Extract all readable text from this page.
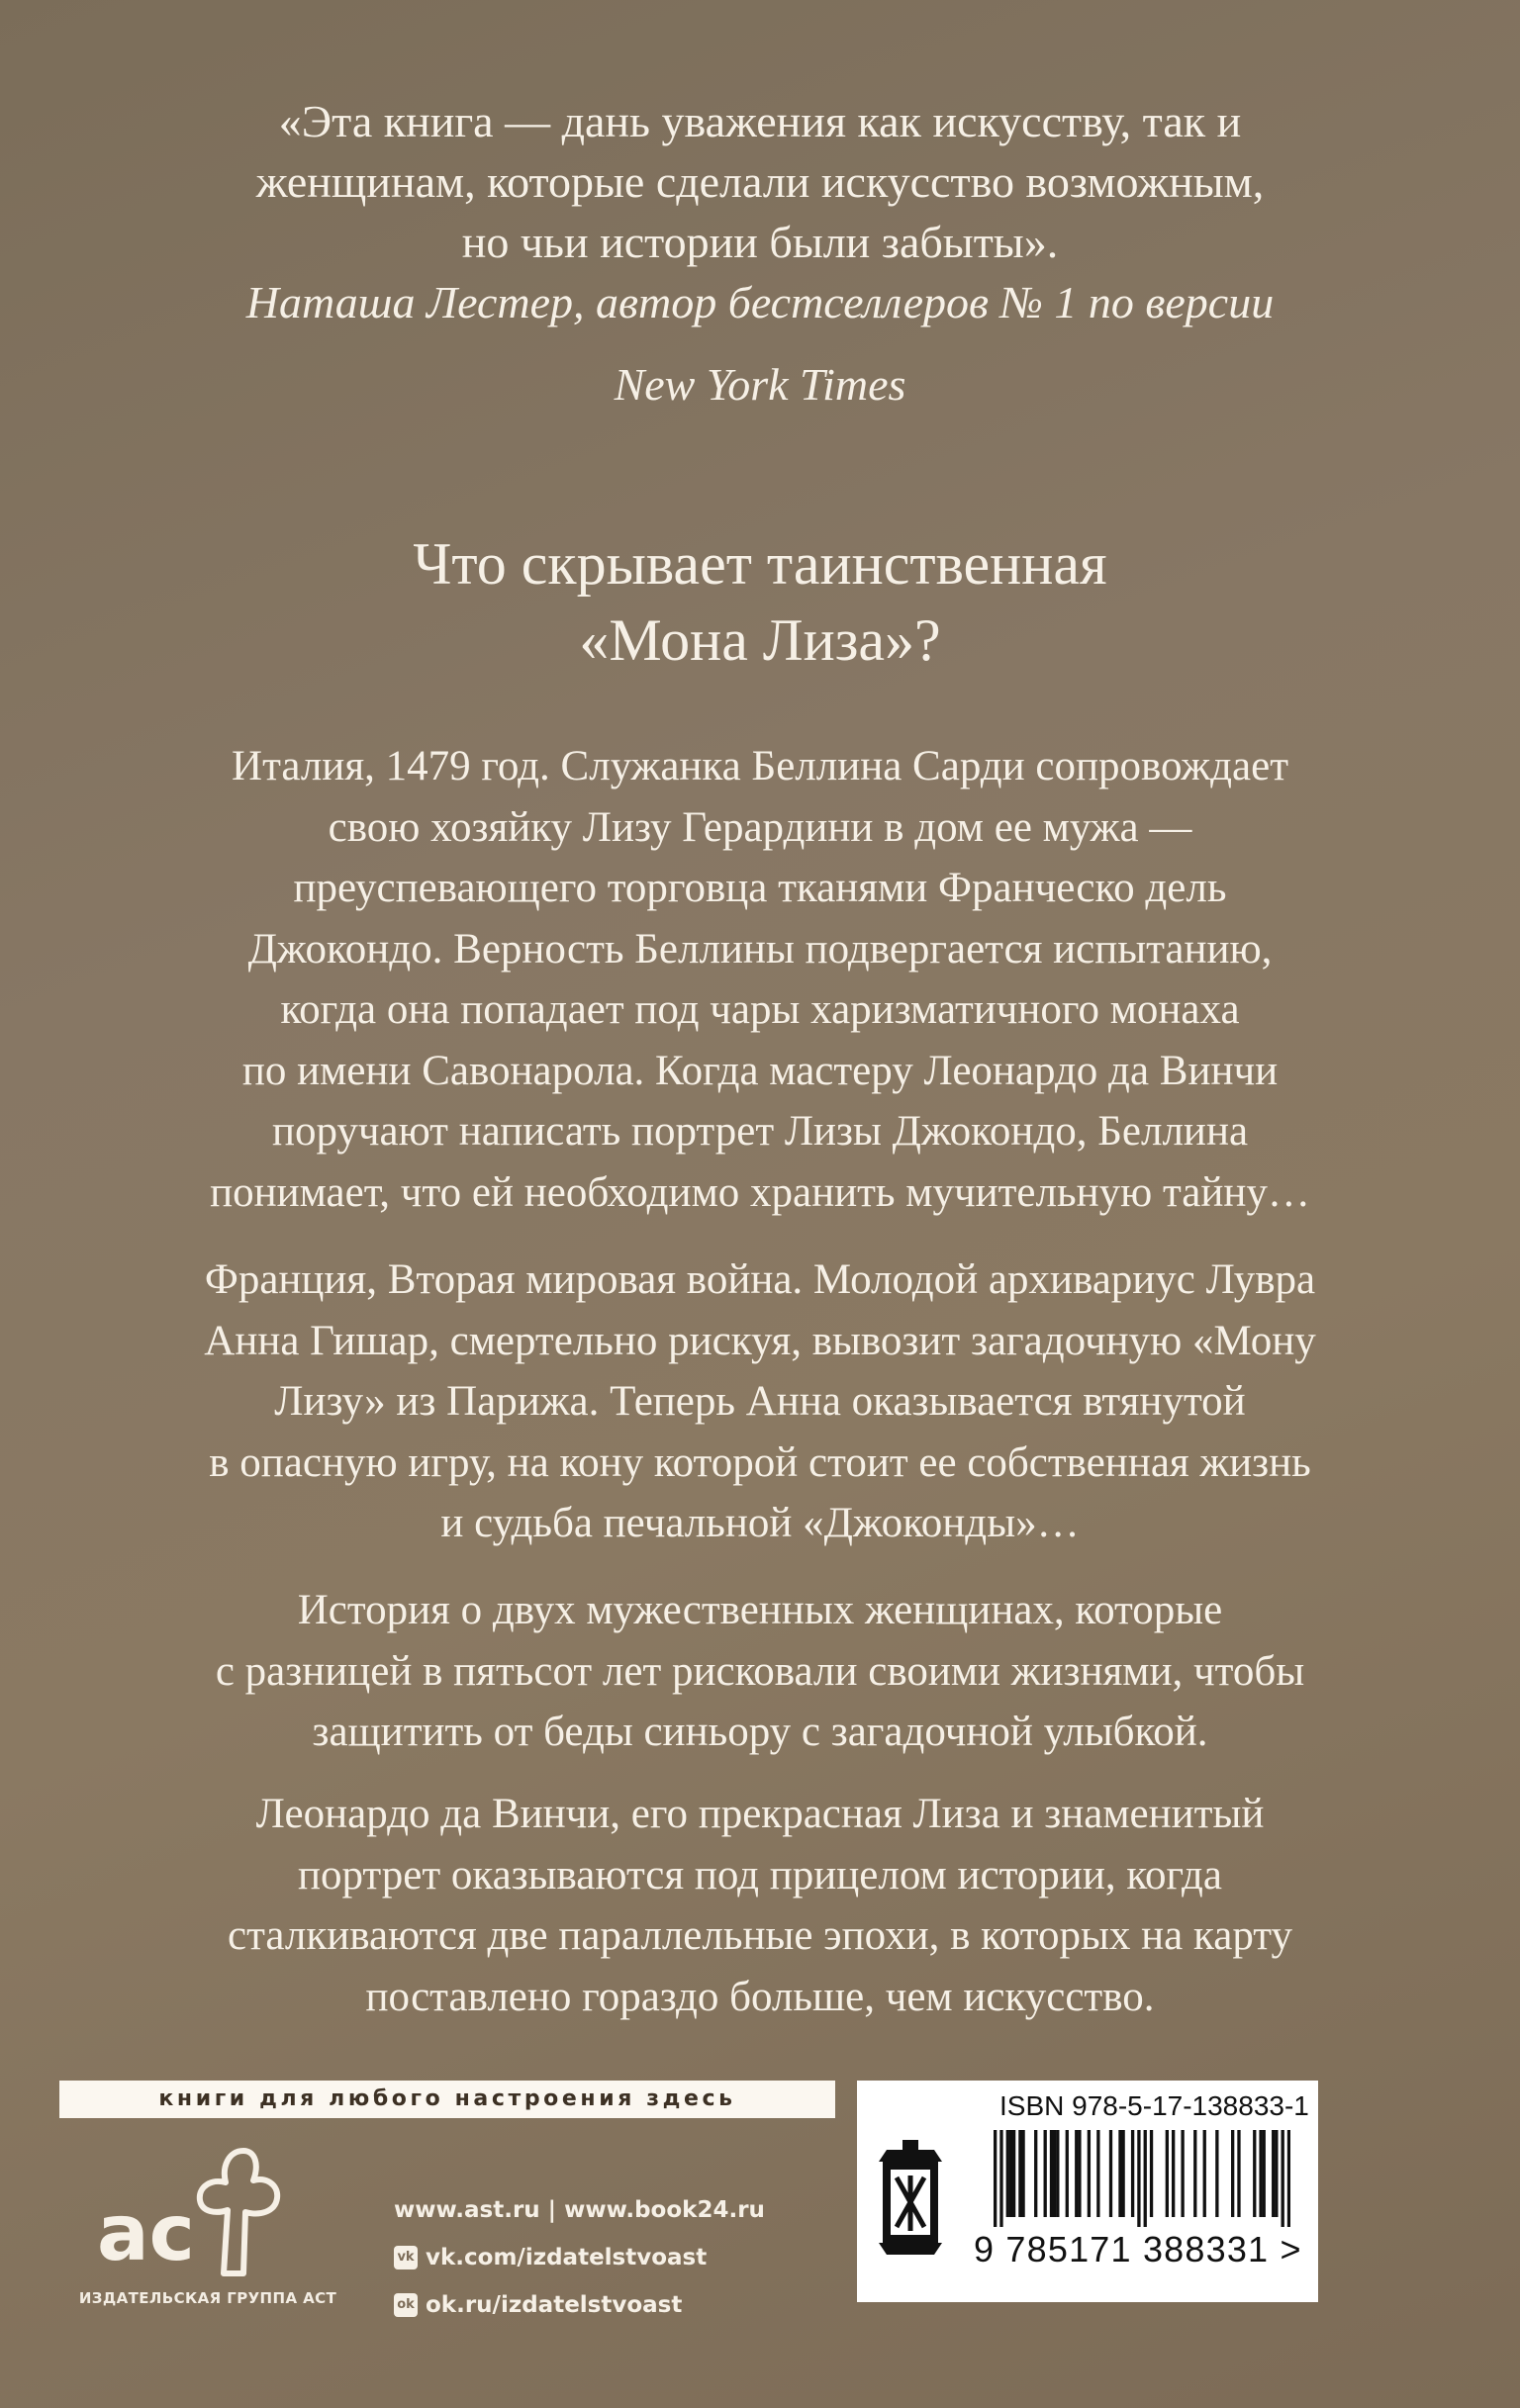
«Эта книга — дань уважения как искусству, так и
женщинам, которые сделали искусство возможным,
но чьи истории были забыты».
Наташа Лестер, автор бестселлеров № 1 по версии
New York Times
Что скрывает таинственная
«Мона Лиза»?
Италия, 1479 год. Служанка Беллина Сарди сопровождает
свою хозяйку Лизу Герардини в дом ее мужа —
преуспевающего торговца тканями Франческо дель
Джокондо. Верность Беллины подвергается испытанию,
когда она попадает под чары харизматичного монаха
по имени Савонарола. Когда мастеру Леонардо да Винчи
поручают написать портрет Лизы Джокондо, Беллина
понимает, что ей необходимо хранить мучительную тайну…
Франция, Вторая мировая война. Молодой архивариус Лувра
Анна Гишар, смертельно рискуя, вывозит загадочную «Мону
Лизу» из Парижа. Теперь Анна оказывается втянутой
в опасную игру, на кону которой стоит ее собственная жизнь
и судьба печальной «Джоконды»…
История о двух мужественных женщинах, которые
с разницей в пятьсот лет рисковали своими жизнями, чтобы
защитить от беды синьору с загадочной улыбкой.
Леонардо да Винчи, его прекрасная Лиза и знаменитый
портрет оказываются под прицелом истории, когда
сталкиваются две параллельные эпохи, в которых на карту
поставлено гораздо больше, чем искусство.
книги для любого настроения здесь
ас
ИЗДАТЕЛЬСКАЯ ГРУППА АСТ
www.ast.ru | www.book24.ru
vk vk.com/izdatelstvoast
ok ok.ru/izdatelstvoast
ISBN 978-5-17-138833-1
9 785171 388331 >
